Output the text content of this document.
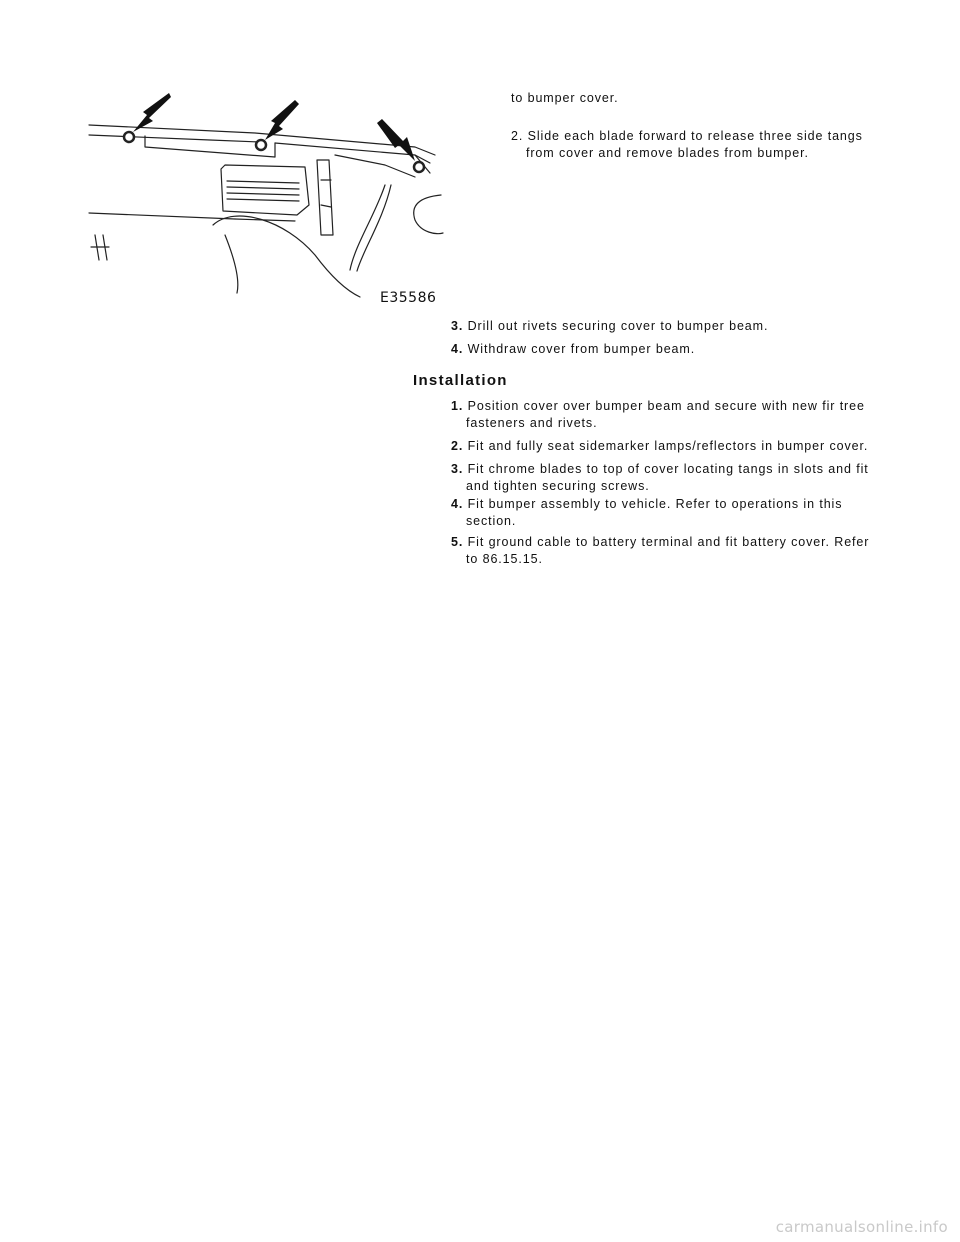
E35586
to bumper cover.
2. Slide each blade forward to release three side tangs
from cover and remove blades from bumper.
3. Drill out rivets securing cover to bumper beam.
4. Withdraw cover from bumper beam.
Installation
1. Position cover over bumper beam and secure with new fir tree
fasteners and rivets.
2. Fit and fully seat sidemarker lamps/reflectors in bumper cover.
3. Fit chrome blades to top of cover locating tangs in slots and fit
and tighten securing screws.
4. Fit bumper assembly to vehicle. Refer to operations in this
section.
5. Fit ground cable to battery terminal and fit battery cover. Refer
to 86.15.15.
carmanualsonline.info
